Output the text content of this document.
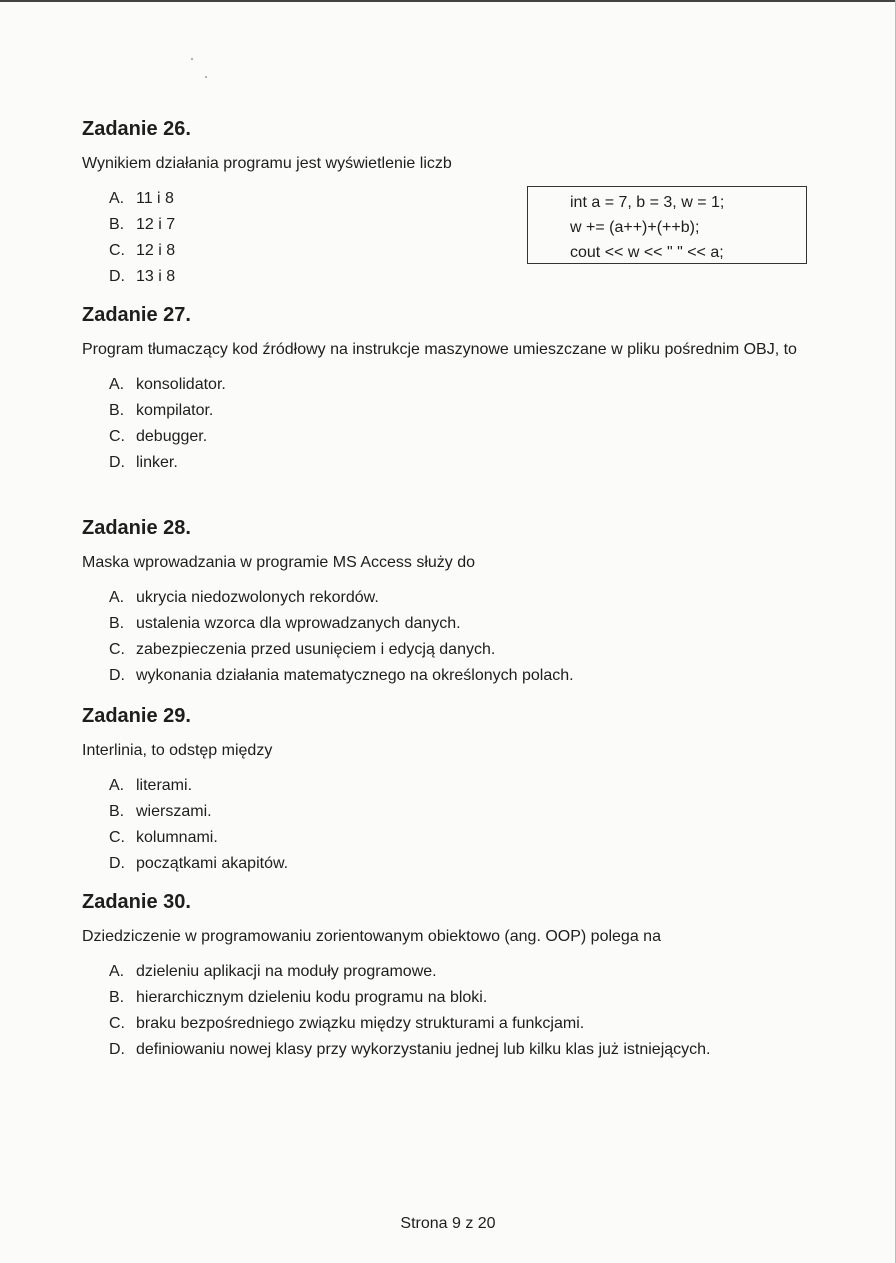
Zadanie 26.

Wynikiem działania programu jest wyświetlenie liczb

A. 11 i 8
B. 12 i 7
C. 12 i 8
D. 13 i 8
int a = 7, b = 3, w = 1;
w += (a++)+(++b);
cout << w << " " << a;
Zadanie 27.

Program tłumaczący kod źródłowy na instrukcje maszynowe umieszczane w pliku pośrednim OBJ, to

A. konsolidator.
B. kompilator.
C. debugger.
D. linker.
Zadanie 28.

Maska wprowadzania w programie MS Access służy do

A. ukrycia niedozwolonych rekordów.
B. ustalenia wzorca dla wprowadzanych danych.
C. zabezpieczenia przed usunięciem i edycją danych.
D. wykonania działania matematycznego na określonych polach.
Zadanie 29.

Interlinia, to odstęp między

A. literami.
B. wierszami.
C. kolumnami.
D. początkami akapitów.
Zadanie 30.

Dziedziczenie w programowaniu zorientowanym obiektowo (ang. OOP) polega na

A. dzieleniu aplikacji na moduły programowe.
B. hierarchicznym dzieleniu kodu programu na bloki.
C. braku bezpośredniego związku między strukturami a funkcjami.
D. definiowaniu nowej klasy przy wykorzystaniu jednej lub kilku klas już istniejących.
Strona 9 z 20
